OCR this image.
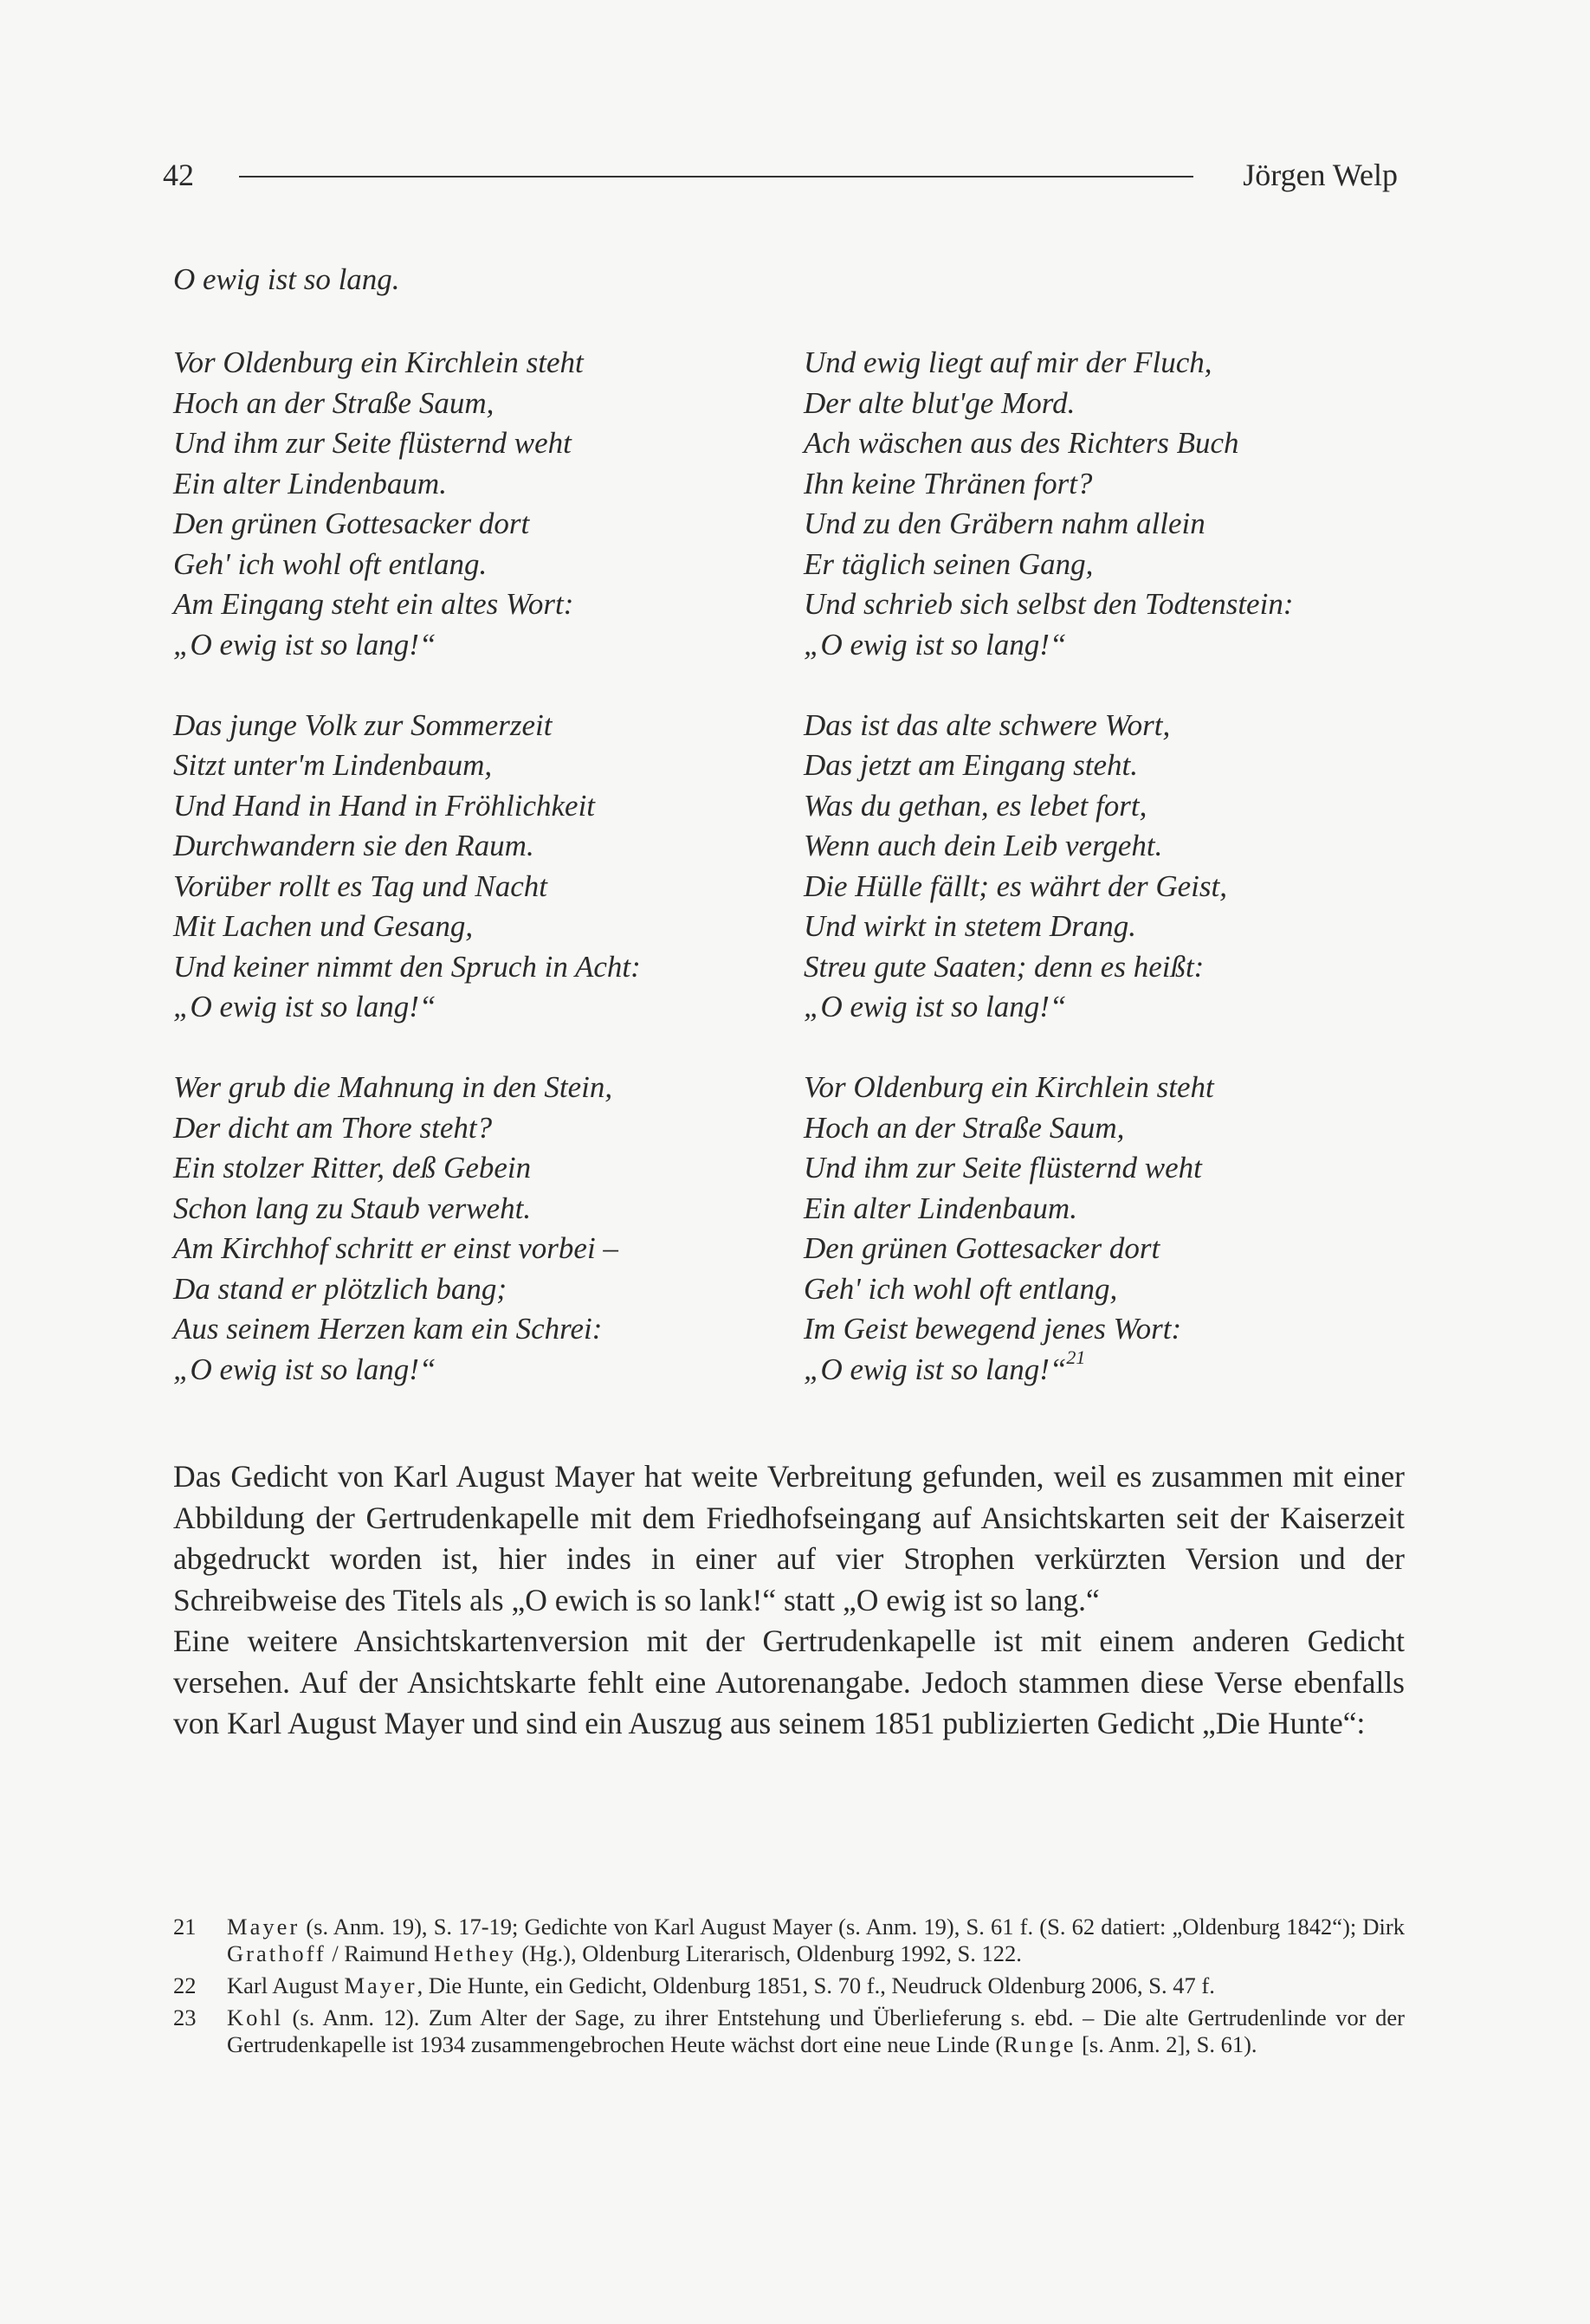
42	Jörgen Welp
O ewig ist so lang.
Vor Oldenburg ein Kirchlein steht
Hoch an der Straße Saum,
Und ihm zur Seite flüsternd weht
Ein alter Lindenbaum.
Den grünen Gottesacker dort
Geh' ich wohl oft entlang.
Am Eingang steht ein altes Wort:
„O ewig ist so lang!“
Das junge Volk zur Sommerzeit
Sitzt unter'm Lindenbaum,
Und Hand in Hand in Fröhlichkeit
Durchwandern sie den Raum.
Vorüber rollt es Tag und Nacht
Mit Lachen und Gesang,
Und keiner nimmt den Spruch in Acht:
„O ewig ist so lang!“
Wer grub die Mahnung in den Stein,
Der dicht am Thore steht?
Ein stolzer Ritter, deß Gebein
Schon lang zu Staub verweht.
Am Kirchhof schritt er einst vorbei –
Da stand er plötzlich bang;
Aus seinem Herzen kam ein Schrei:
„O ewig ist so lang!“
Und ewig liegt auf mir der Fluch,
Der alte blut'ge Mord.
Ach wäschen aus des Richters Buch
Ihn keine Thränen fort?
Und zu den Gräbern nahm allein
Er täglich seinen Gang,
Und schrieb sich selbst den Todtenstein:
„O ewig ist so lang!“
Das ist das alte schwere Wort,
Das jetzt am Eingang steht.
Was du gethan, es lebet fort,
Wenn auch dein Leib vergeht.
Die Hülle fällt; es währt der Geist,
Und wirkt in stetem Drang.
Streu gute Saaten; denn es heißt:
„O ewig ist so lang!“
Vor Oldenburg ein Kirchlein steht
Hoch an der Straße Saum,
Und ihm zur Seite flüsternd weht
Ein alter Lindenbaum.
Den grünen Gottesacker dort
Geh' ich wohl oft entlang,
Im Geist bewegend jenes Wort:
„O ewig ist so lang!“$^{21}$

Das Gedicht von Karl August Mayer hat weite Verbreitung gefunden, weil es zusammen mit einer Abbildung der Gertrudenkapelle mit dem Friedhofseingang auf Ansichtskarten seit der Kaiserzeit abgedruckt worden ist, hier indes in einer auf vier Strophen verkürzten Version und der Schreibweise des Titels als „O ewich is so lank!“ statt „O ewig ist so lang.“

Eine weitere Ansichtskartenversion mit der Gertrudenkapelle ist mit einem anderen Gedicht versehen. Auf der Ansichtskarte fehlt eine Autorenangabe. Jedoch stammen diese Verse ebenfalls von Karl August Mayer und sind ein Auszug aus seinem 1851 publizierten Gedicht „Die Hunte“:

21 Mayer (s. Anm. 19), S. 17-19; Gedichte von Karl August Mayer (s. Anm. 19), S. 61 f. (S. 62 datiert: „Oldenburg 1842“); Dirk Grathoff / Raimund Hethey (Hg.), Oldenburg Literarisch, Oldenburg 1992, S. 122.
22 Karl August Mayer, Die Hunte, ein Gedicht, Oldenburg 1851, S. 70 f., Neudruck Oldenburg 2006, S. 47 f.
23 Kohl (s. Anm. 12). Zum Alter der Sage, zu ihrer Entstehung und Überlieferung s. ebd. – Die alte Gertrudenlinde vor der Gertrudenkapelle ist 1934 zusammengebrochen Heute wächst dort eine neue Linde (Runge [s. Anm. 2], S. 61).
